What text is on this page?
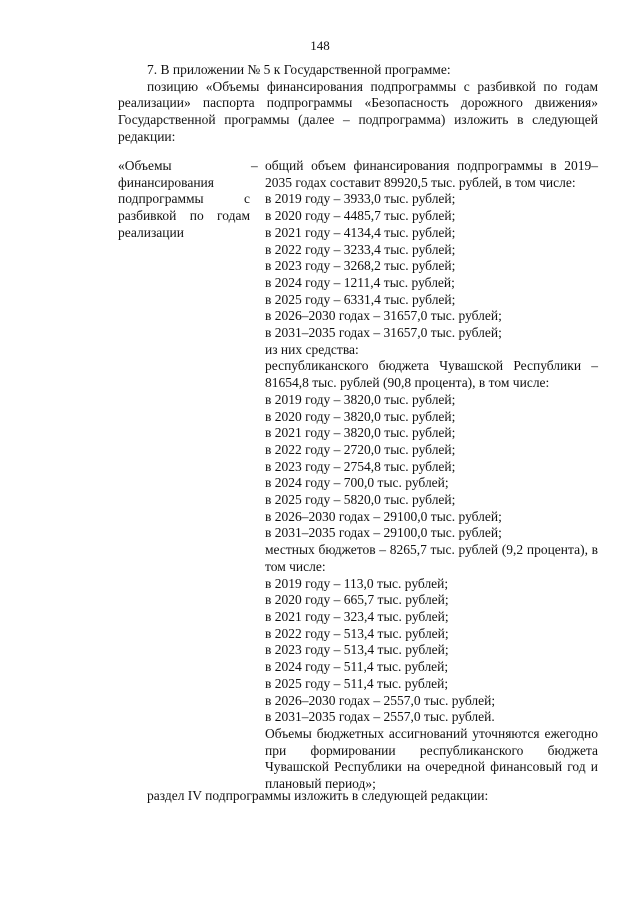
148

7. В приложении № 5 к Государственной программе:

позицию «Объемы финансирования подпрограммы с разбивкой по годам реализации» паспорта подпрограммы «Безопасность дорожного движения» Государственной программы (далее – подпрограмма) изложить в следующей редакции:

«Объемы финансирования подпрограммы с разбивкой по годам реализации
– общий объем финансирования подпрограммы в 2019–2035 годах составит 89920,5 тыс. рублей, в том числе:
в 2019 году – 3933,0 тыс. рублей;
в 2020 году – 4485,7 тыс. рублей;
в 2021 году – 4134,4 тыс. рублей;
в 2022 году – 3233,4 тыс. рублей;
в 2023 году – 3268,2 тыс. рублей;
в 2024 году – 1211,4 тыс. рублей;
в 2025 году – 6331,4 тыс. рублей;
в 2026–2030 годах – 31657,0 тыс. рублей;
в 2031–2035 годах – 31657,0 тыс. рублей;
из них средства:
республиканского бюджета Чувашской Республики – 81654,8 тыс. рублей (90,8 процента), в том числе:
в 2019 году – 3820,0 тыс. рублей;
в 2020 году – 3820,0 тыс. рублей;
в 2021 году – 3820,0 тыс. рублей;
в 2022 году – 2720,0 тыс. рублей;
в 2023 году – 2754,8 тыс. рублей;
в 2024 году – 700,0 тыс. рублей;
в 2025 году – 5820,0 тыс. рублей;
в 2026–2030 годах – 29100,0 тыс. рублей;
в 2031–2035 годах – 29100,0 тыс. рублей;
местных бюджетов – 8265,7 тыс. рублей (9,2 процента), в том числе:
в 2019 году – 113,0 тыс. рублей;
в 2020 году – 665,7 тыс. рублей;
в 2021 году – 323,4 тыс. рублей;
в 2022 году – 513,4 тыс. рублей;
в 2023 году – 513,4 тыс. рублей;
в 2024 году – 511,4 тыс. рублей;
в 2025 году – 511,4 тыс. рублей;
в 2026–2030 годах – 2557,0 тыс. рублей;
в 2031–2035 годах – 2557,0 тыс. рублей.
Объемы бюджетных ассигнований уточняются ежегодно при формировании республиканского бюджета Чувашской Республики на очередной финансовый год и плановый период»;
раздел IV подпрограммы изложить в следующей редакции:
